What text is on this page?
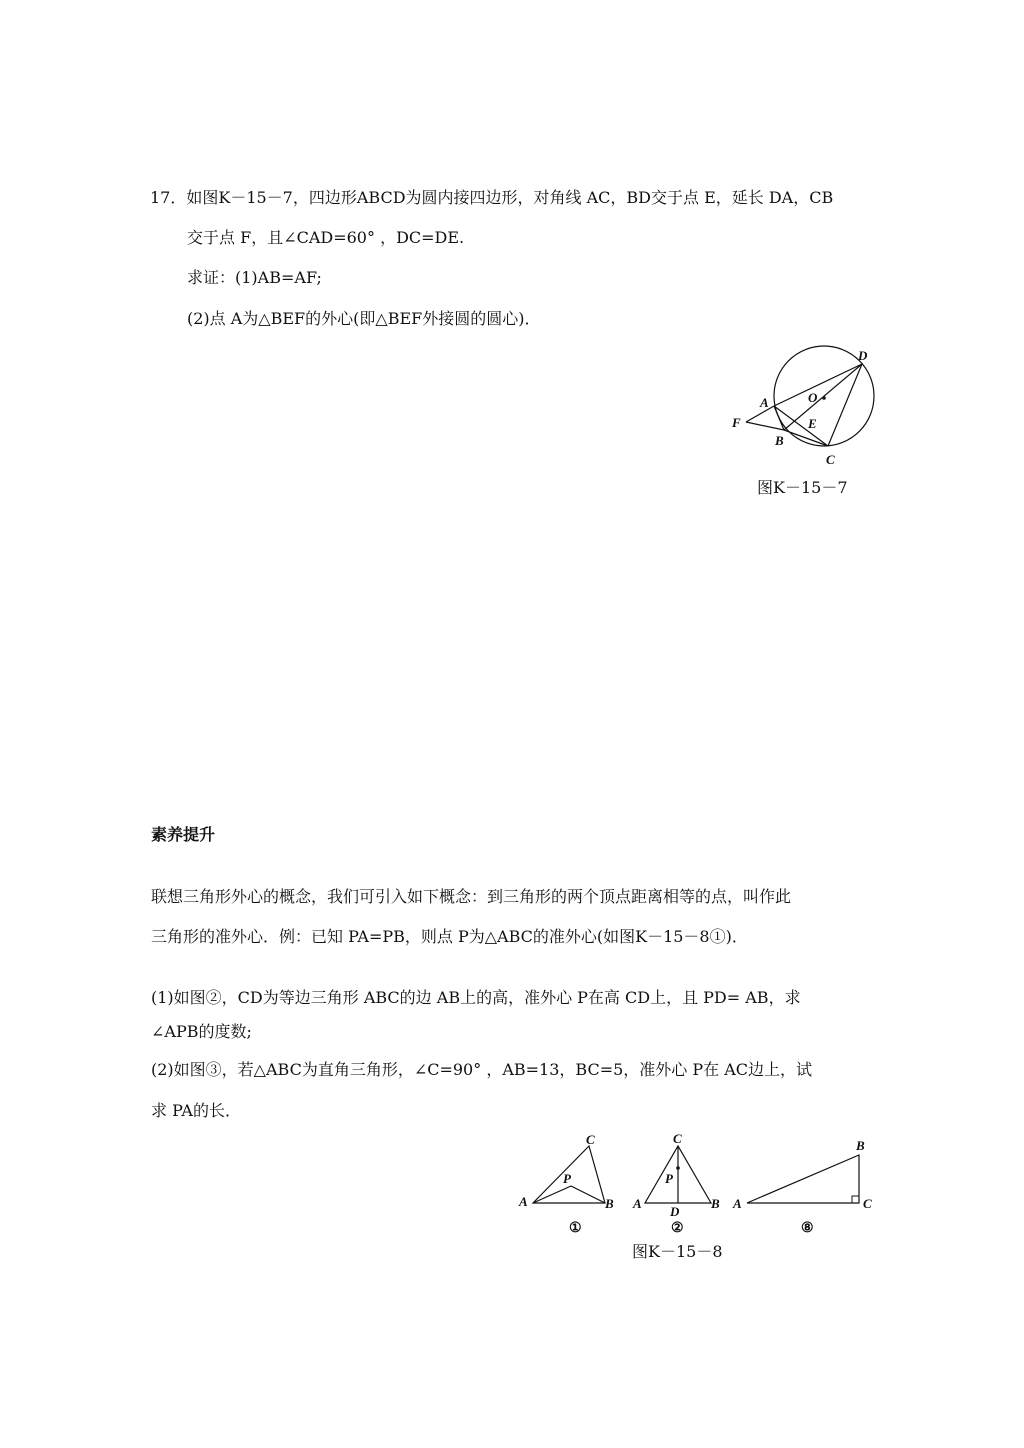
17．如图K－15－7，四边形ABCD为圆内接四边形，对角线 AC，BD交于点 E，延长 DA，CB
交于点 F，且∠CAD=60° ，DC=DE.
求证：(1)AB=AF;
(2)点 A为△BEF的外心(即△BEF外接圆的圆心)．
A
B
C
D
E
F
O
图K－15－7
素养提升
联想三角形外心的概念，我们可引入如下概念：到三角形的两个顶点距离相等的点，叫作此
三角形的准外心．例：已知 PA=PB，则点 P为△ABC的准外心(如图K－15－8①)．
(1)如图②，CD为等边三角形 ABC的边 AB上的高，准外心 P在高 CD上，且 PD= AB，求
∠APB的度数;
(2)如图③，若△ABC为直角三角形，∠C=90° ，AB=13，BC=5，准外心 P在 AC边上，试
求 PA的长．
A	B
C
P
①
A	B
C
D
P
②
A
B
C
⑧
图K－15－8
